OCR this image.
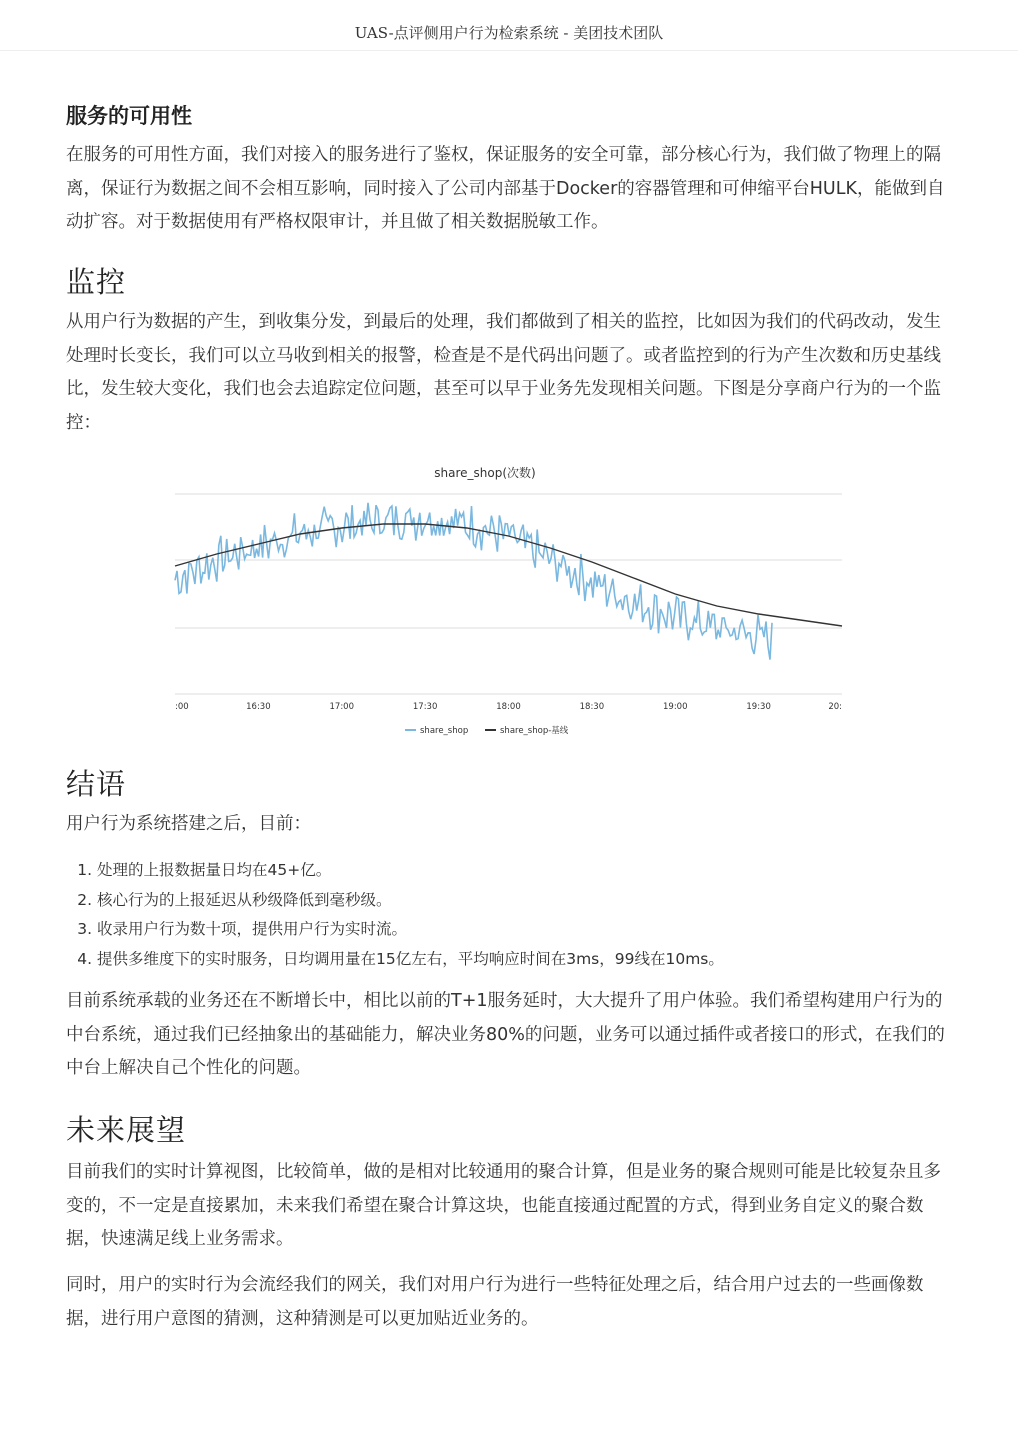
UAS-点评侧用户行为检索系统 - 美团技术团队
服务的可用性

在服务的可用性方面，我们对接入的服务进行了鉴权，保证服务的安全可靠，部分核心行为，我们做了物理上的隔离，保证行为数据之间不会相互影响，同时接入了公司内部基于Docker的容器管理和可伸缩平台HULK，能做到自动扩容。对于数据使用有严格权限审计，并且做了相关数据脱敏工作。

监控

从用户行为数据的产生，到收集分发，到最后的处理，我们都做到了相关的监控，比如因为我们的代码改动，发生处理时长变长，我们可以立马收到相关的报警，检查是不是代码出问题了。或者监控到的行为产生次数和历史基线比，发生较大变化，我们也会去追踪定位问题，甚至可以早于业务先发现相关问题。下图是分享商户行为的一个监控：

结语

用户行为系统搭建之后，目前：

1. 处理的上报数据量日均在45+亿。
2. 核心行为的上报延迟从秒级降低到毫秒级。
3. 收录用户行为数十项，提供用户行为实时流。
4. 提供多维度下的实时服务，日均调用量在15亿左右，平均响应时间在3ms，99线在10ms。

目前系统承载的业务还在不断增长中，相比以前的T+1服务延时，大大提升了用户体验。我们希望构建用户行为的中台系统，通过我们已经抽象出的基础能力，解决业务80%的问题，业务可以通过插件或者接口的形式，在我们的中台上解决自己个性化的问题。

未来展望

目前我们的实时计算视图，比较简单，做的是相对比较通用的聚合计算，但是业务的聚合规则可能是比较复杂且多变的，不一定是直接累加，未来我们希望在聚合计算这块，也能直接通过配置的方式，得到业务自定义的聚合数据，快速满足线上业务需求。

同时，用户的实时行为会流经我们的网关，我们对用户行为进行一些特征处理之后，结合用户过去的一些画像数据，进行用户意图的猜测，这种猜测是可以更加贴近业务的。

share_shop(次数)
:00	16:30	17:00	17:30	18:00	18:30	19:00	19:30	20:
share_shop	share_shop-基线
